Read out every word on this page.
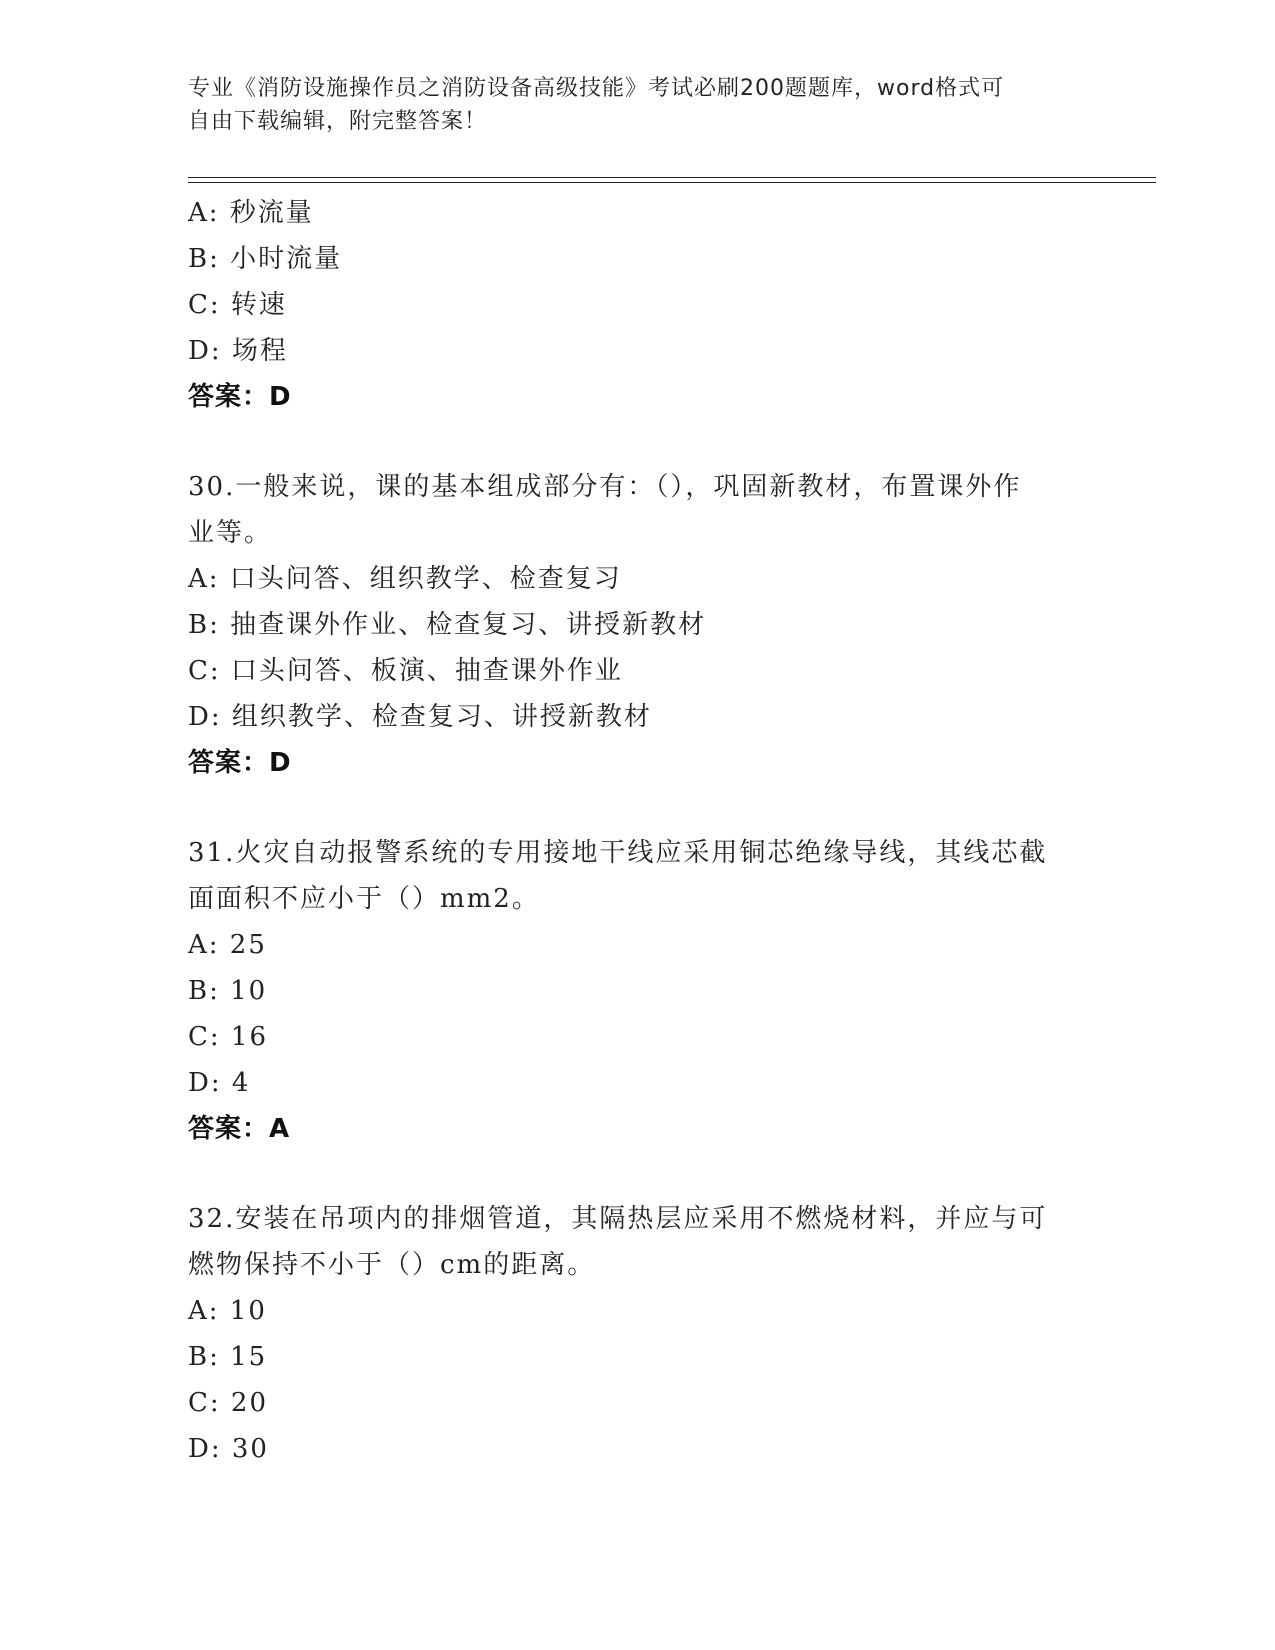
专业《消防设施操作员之消防设备高级技能》考试必刷200题题库，word格式可
自由下载编辑，附完整答案！
A: 秒流量
B: 小时流量
C: 转速
D: 场程
答案：D
30.一般来说，课的基本组成部分有：（），巩固新教材，布置课外作
业等。
A: 口头问答、组织教学、检查复习
B: 抽查课外作业、检查复习、讲授新教材
C: 口头问答、板演、抽查课外作业
D: 组织教学、检查复习、讲授新教材
答案：D
31.火灾自动报警系统的专用接地干线应采用铜芯绝缘导线，其线芯截
面面积不应小于（）mm2。
A: 25
B: 10
C: 16
D: 4
答案：A
32.安装在吊项内的排烟管道，其隔热层应采用不燃烧材料，并应与可
燃物保持不小于（）cm的距离。
A: 10
B: 15
C: 20
D: 30
